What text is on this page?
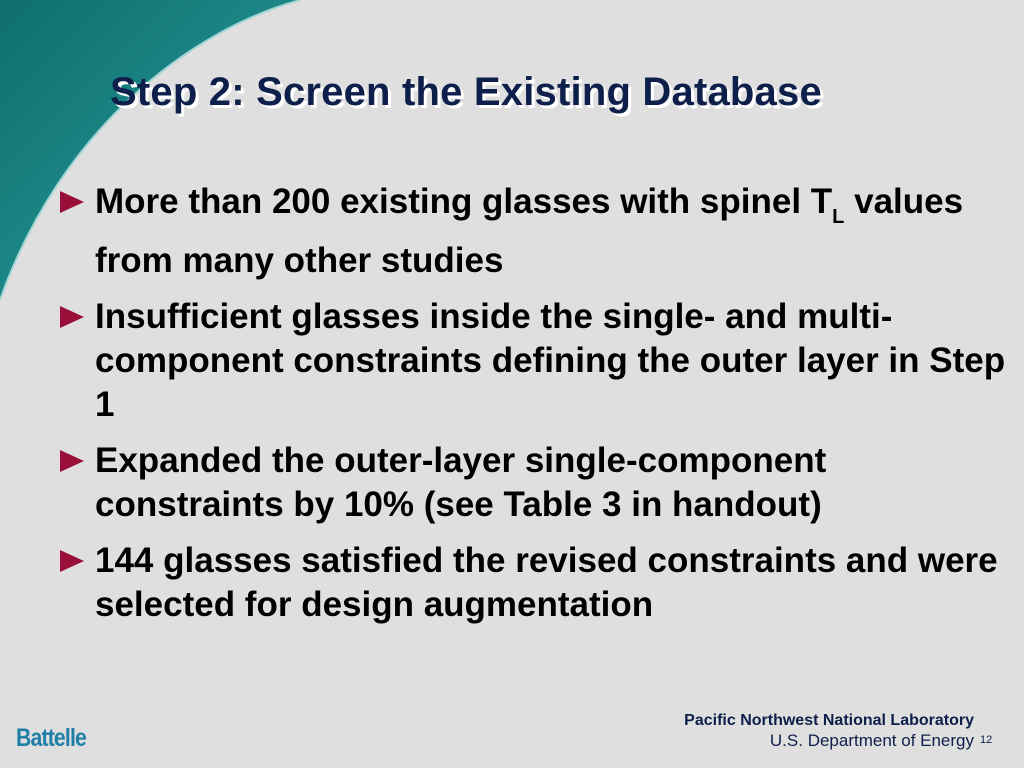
Step 2: Screen the Existing Database
More than 200 existing glasses with spinel $T_L$ values from many other studies
Insufficient glasses inside the single- and multi-component constraints defining the outer layer in Step 1
Expanded the outer-layer single-component constraints by 10% (see Table 3 in handout)
144 glasses satisfied the revised constraints and were selected for design augmentation
Battelle
Pacific Northwest National Laboratory
U.S. Department of Energy 12
